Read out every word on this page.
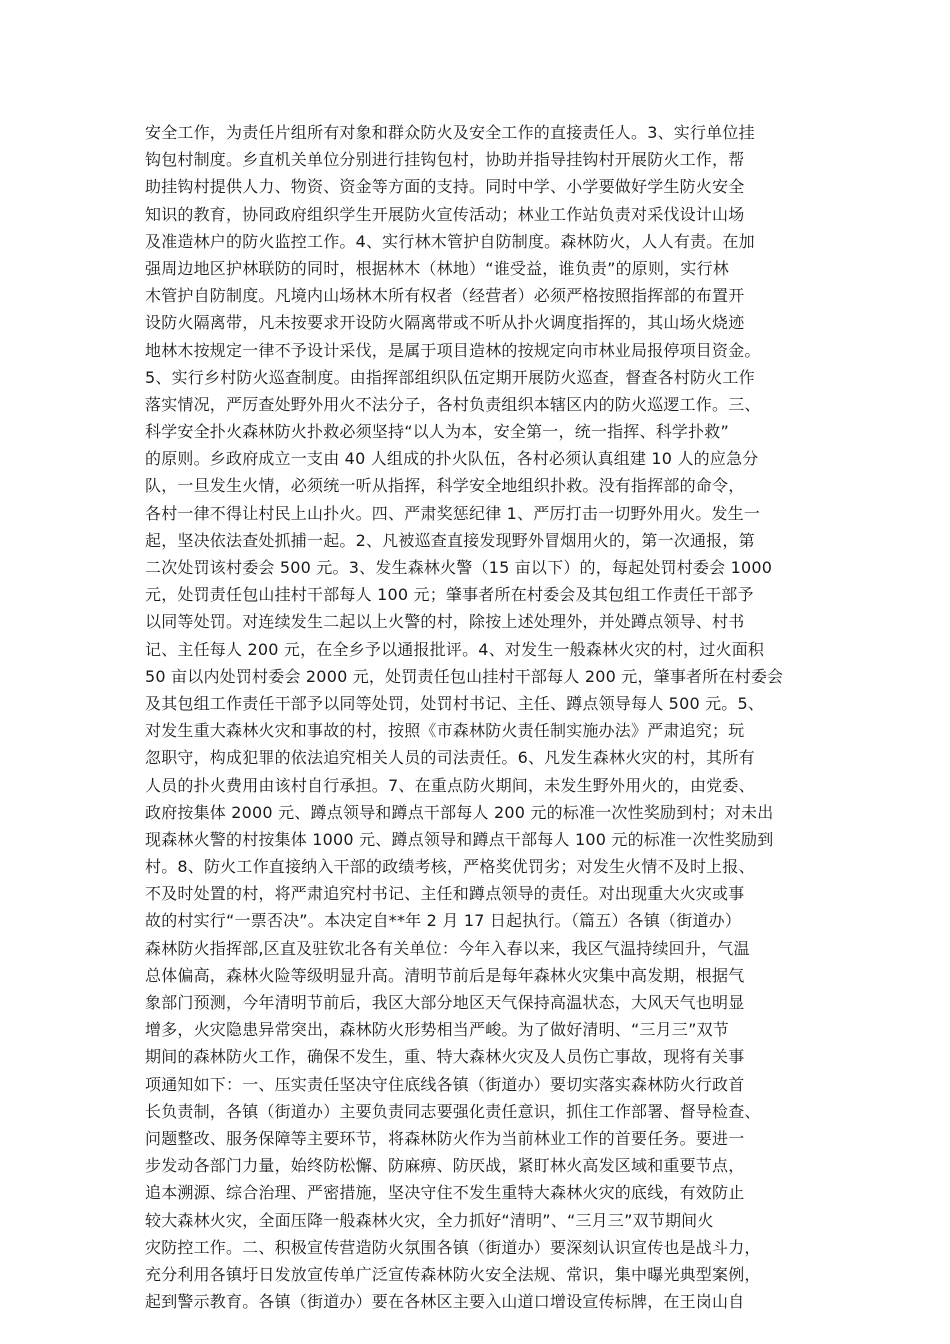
安全工作，为责任片组所有对象和群众防火及安全工作的直接责任人。3、实行单位挂
钩包村制度。乡直机关单位分别进行挂钩包村，协助并指导挂钩村开展防火工作，帮
助挂钩村提供人力、物资、资金等方面的支持。同时中学、小学要做好学生防火安全
知识的教育，协同政府组织学生开展防火宣传活动；林业工作站负责对采伐设计山场
及准造林户的防火监控工作。4、实行林木管护自防制度。森林防火，人人有责。在加
强周边地区护林联防的同时，根据林木（林地）“谁受益，谁负责”的原则，实行林
木管护自防制度。凡境内山场林木所有权者（经营者）必须严格按照指挥部的布置开
设防火隔离带，凡未按要求开设防火隔离带或不听从扑火调度指挥的，其山场火烧迹
地林木按规定一律不予设计采伐，是属于项目造林的按规定向市林业局报停项目资金。
5、实行乡村防火巡查制度。由指挥部组织队伍定期开展防火巡查，督查各村防火工作
落实情况，严厉查处野外用火不法分子，各村负责组织本辖区内的防火巡逻工作。三、
科学安全扑火森林防火扑救必须坚持“以人为本，安全第一，统一指挥、科学扑救”
的原则。乡政府成立一支由 40 人组成的扑火队伍，各村必须认真组建 10 人的应急分
队，一旦发生火情，必须统一听从指挥，科学安全地组织扑救。没有指挥部的命令，
各村一律不得让村民上山扑火。四、严肃奖惩纪律 1、严厉打击一切野外用火。发生一
起，坚决依法查处抓捕一起。2、凡被巡查直接发现野外冒烟用火的，第一次通报，第
二次处罚该村委会 500 元。3、发生森林火警（15 亩以下）的，每起处罚村委会 1000
元，处罚责任包山挂村干部每人 100 元；肇事者所在村委会及其包组工作责任干部予
以同等处罚。对连续发生二起以上火警的村，除按上述处理外，并处蹲点领导、村书
记、主任每人 200 元，在全乡予以通报批评。4、对发生一般森林火灾的村，过火面积
50 亩以内处罚村委会 2000 元，处罚责任包山挂村干部每人 200 元，肇事者所在村委会
及其包组工作责任干部予以同等处罚，处罚村书记、主任、蹲点领导每人 500 元。5、
对发生重大森林火灾和事故的村，按照《市森林防火责任制实施办法》严肃追究；玩
忽职守，构成犯罪的依法追究相关人员的司法责任。6、凡发生森林火灾的村，其所有
人员的扑火费用由该村自行承担。7、在重点防火期间，未发生野外用火的，由党委、
政府按集体 2000 元、蹲点领导和蹲点干部每人 200 元的标准一次性奖励到村；对未出
现森林火警的村按集体 1000 元、蹲点领导和蹲点干部每人 100 元的标准一次性奖励到
村。8、防火工作直接纳入干部的政绩考核，严格奖优罚劣；对发生火情不及时上报、
不及时处置的村，将严肃追究村书记、主任和蹲点领导的责任。对出现重大火灾或事
故的村实行“一票否决”。本决定自**年 2 月 17 日起执行。（篇五）各镇（街道办）
森林防火指挥部,区直及驻钦北各有关单位：今年入春以来，我区气温持续回升，气温
总体偏高，森林火险等级明显升高。清明节前后是每年森林火灾集中高发期，根据气
象部门预测，今年清明节前后，我区大部分地区天气保持高温状态，大风天气也明显
增多，火灾隐患异常突出，森林防火形势相当严峻。为了做好清明、“三月三”双节
期间的森林防火工作，确保不发生，重、特大森林火灾及人员伤亡事故，现将有关事
项通知如下：一、压实责任坚决守住底线各镇（街道办）要切实落实森林防火行政首
长负责制，各镇（街道办）主要负责同志要强化责任意识，抓住工作部署、督导检查、
问题整改、服务保障等主要环节，将森林防火作为当前林业工作的首要任务。要进一
步发动各部门力量，始终防松懈、防麻痹、防厌战，紧盯林火高发区域和重要节点，
追本溯源、综合治理、严密措施，坚决守住不发生重特大森林火灾的底线，有效防止
较大森林火灾，全面压降一般森林火灾，全力抓好“清明”、“三月三”双节期间火
灾防控工作。二、积极宣传营造防火氛围各镇（街道办）要深刻认识宣传也是战斗力，
充分利用各镇圩日发放宣传单广泛宣传森林防火安全法规、常识，集中曝光典型案例，
起到警示教育。各镇（街道办）要在各林区主要入山道口增设宣传标牌，在王岗山自
